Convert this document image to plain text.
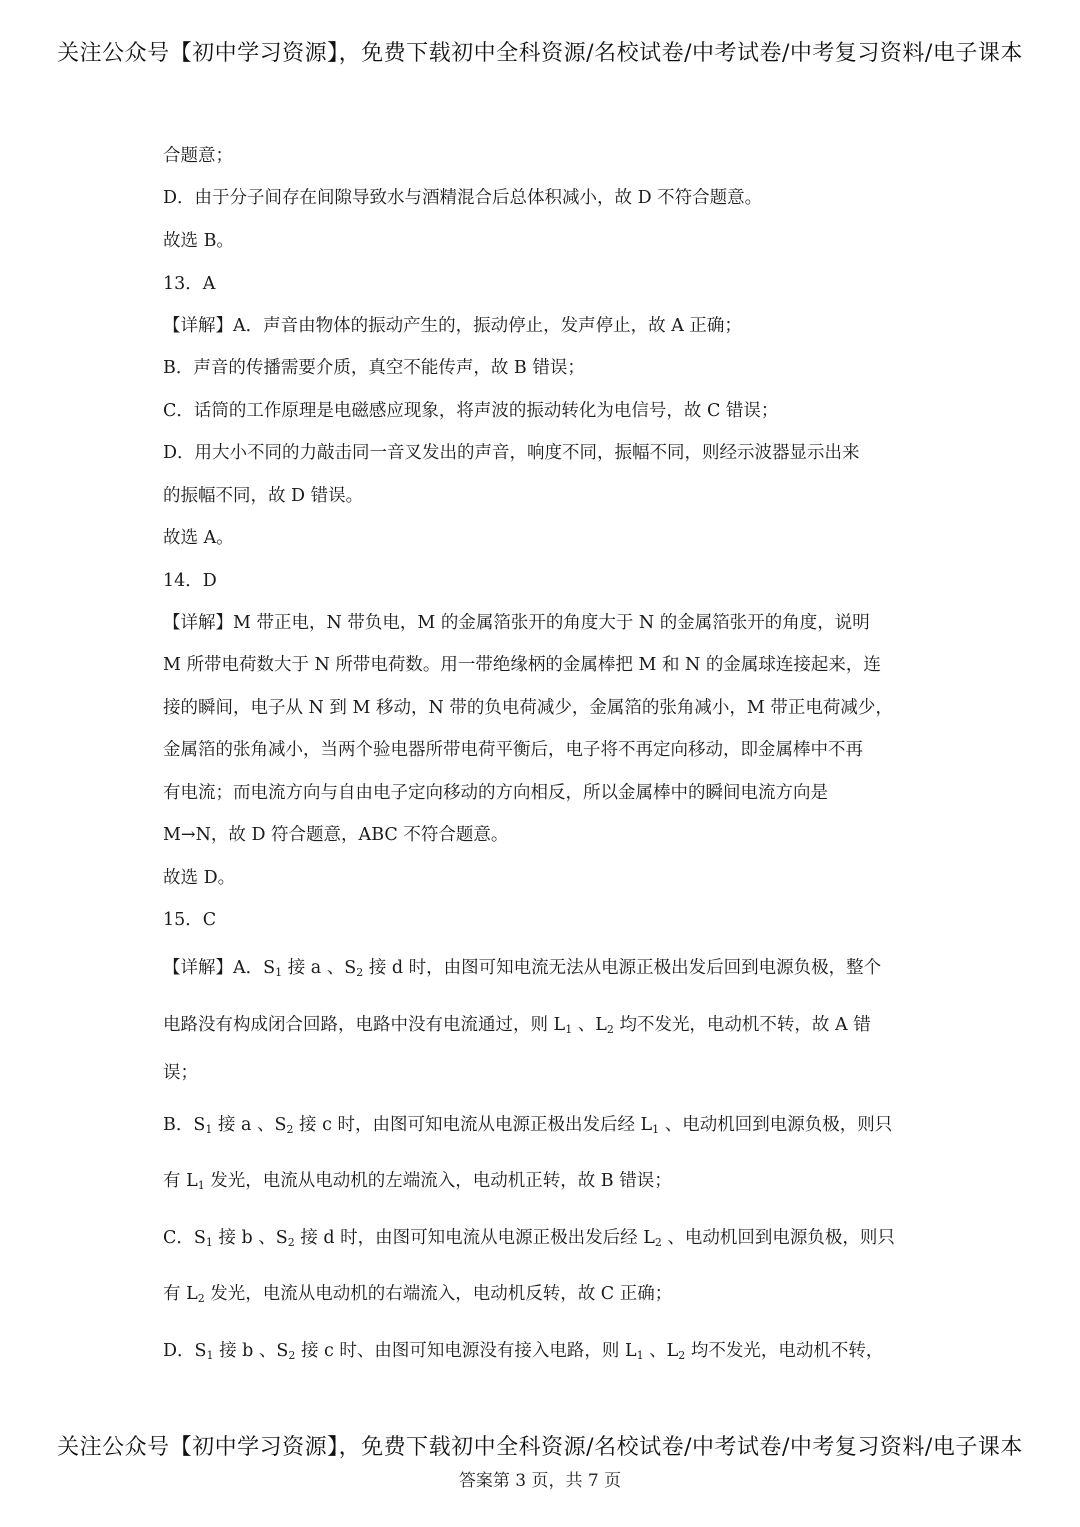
关注公众号【初中学习资源】，免费下载初中全科资源/名校试卷/中考试卷/中考复习资料/电子课本
合题意；
D．由于分子间存在间隙导致水与酒精混合后总体积减小，故 D 不符合题意。
故选 B。
13．A
【详解】A．声音由物体的振动产生的，振动停止，发声停止，故 A 正确；
B．声音的传播需要介质，真空不能传声，故 B 错误；
C．话筒的工作原理是电磁感应现象，将声波的振动转化为电信号，故 C 错误；
D．用大小不同的力敲击同一音叉发出的声音，响度不同，振幅不同，则经示波器显示出来
的振幅不同，故 D 错误。
故选 A。
14．D
【详解】M 带正电，N 带负电，M 的金属箔张开的角度大于 N 的金属箔张开的角度，说明
M 所带电荷数大于 N 所带电荷数。用一带绝缘柄的金属棒把 M 和 N 的金属球连接起来，连
接的瞬间，电子从 N 到 M 移动，N 带的负电荷减少，金属箔的张角减小，M 带正电荷减少，
金属箔的张角减小，当两个验电器所带电荷平衡后，电子将不再定向移动，即金属棒中不再
有电流；而电流方向与自由电子定向移动的方向相反，所以金属棒中的瞬间电流方向是
M→N，故 D 符合题意，ABC 不符合题意。
故选 D。
15．C
【详解】A．$S_1$ 接 a 、$S_2$ 接 d 时，由图可知电流无法从电源正极出发后回到电源负极，整个
电路没有构成闭合回路，电路中没有电流通过，则 $L_1$ 、$L_2$ 均不发光，电动机不转，故 A 错
误；
B．$S_1$ 接 a 、$S_2$ 接 c 时，由图可知电流从电源正极出发后经 $L_1$ 、电动机回到电源负极，则只
有 $L_1$ 发光，电流从电动机的左端流入，电动机正转，故 B 错误；
C．$S_1$ 接 b 、$S_2$ 接 d 时，由图可知电流从电源正极出发后经 $L_2$ 、电动机回到电源负极，则只
有 $L_2$ 发光，电流从电动机的右端流入，电动机反转，故 C 正确；
D．$S_1$ 接 b 、$S_2$ 接 c 时、由图可知电源没有接入电路，则 $L_1$ 、$L_2$ 均不发光，电动机不转，
关注公众号【初中学习资源】，免费下载初中全科资源/名校试卷/中考试卷/中考复习资料/电子课本
答案第 3 页，共 7 页
